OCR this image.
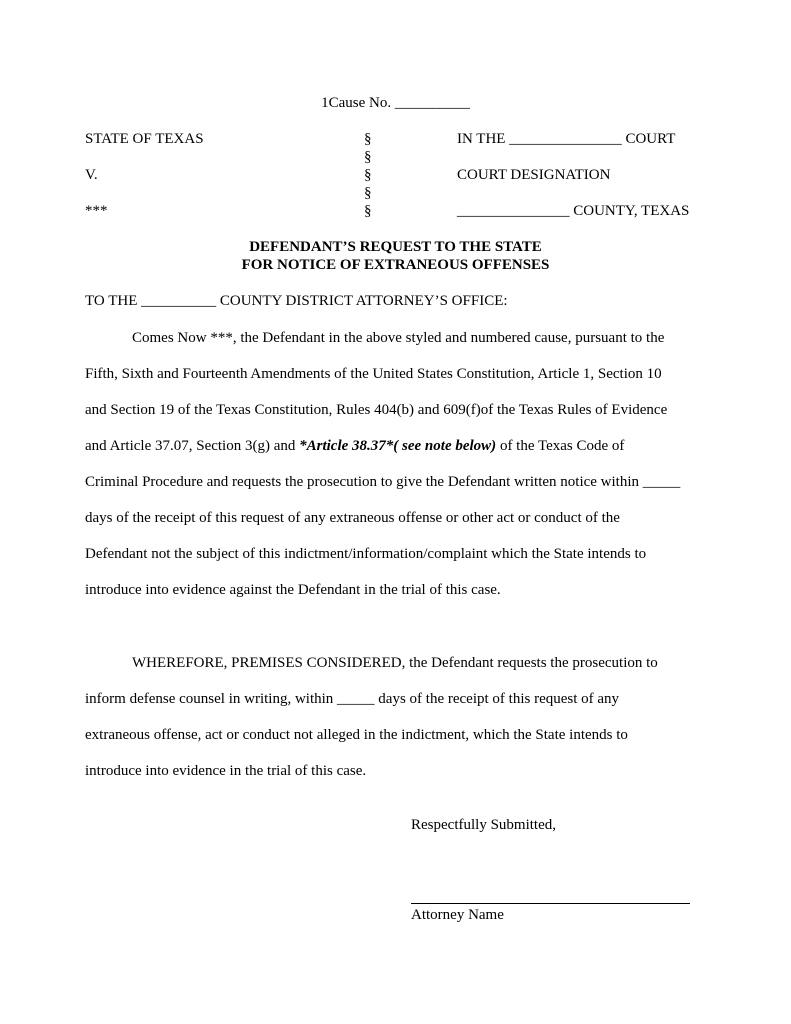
1Cause No. __________
STATE OF TEXAS
V.
***
§
§
§
§
§
IN THE _______________ COURT
COURT DESIGNATION
_______________ COUNTY, TEXAS
DEFENDANT’S REQUEST TO THE STATE
FOR NOTICE OF EXTRANEOUS OFFENSES
TO THE __________ COUNTY DISTRICT ATTORNEY’S OFFICE:
Comes Now ***, the Defendant in the above styled and numbered cause, pursuant to the
Fifth, Sixth and Fourteenth Amendments of the United States Constitution, Article 1, Section 10
and Section 19 of the Texas Constitution, Rules 404(b) and 609(f)of the Texas Rules of Evidence
and Article 37.07, Section 3(g) and *Article 38.37*( see note below) of the Texas Code of
Criminal Procedure and requests the prosecution to give the Defendant written notice within _____
days of the receipt of this request of any extraneous offense or other act or conduct of the
Defendant not the subject of this indictment/information/complaint which the State intends to
introduce into evidence against the Defendant in the trial of this case.
WHEREFORE, PREMISES CONSIDERED, the Defendant requests the prosecution to
inform defense counsel in writing, within _____ days of the receipt of this request of any
extraneous offense, act or conduct not alleged in the indictment, which the State intends to
introduce into evidence in the trial of this case.
Respectfully Submitted,
Attorney Name
